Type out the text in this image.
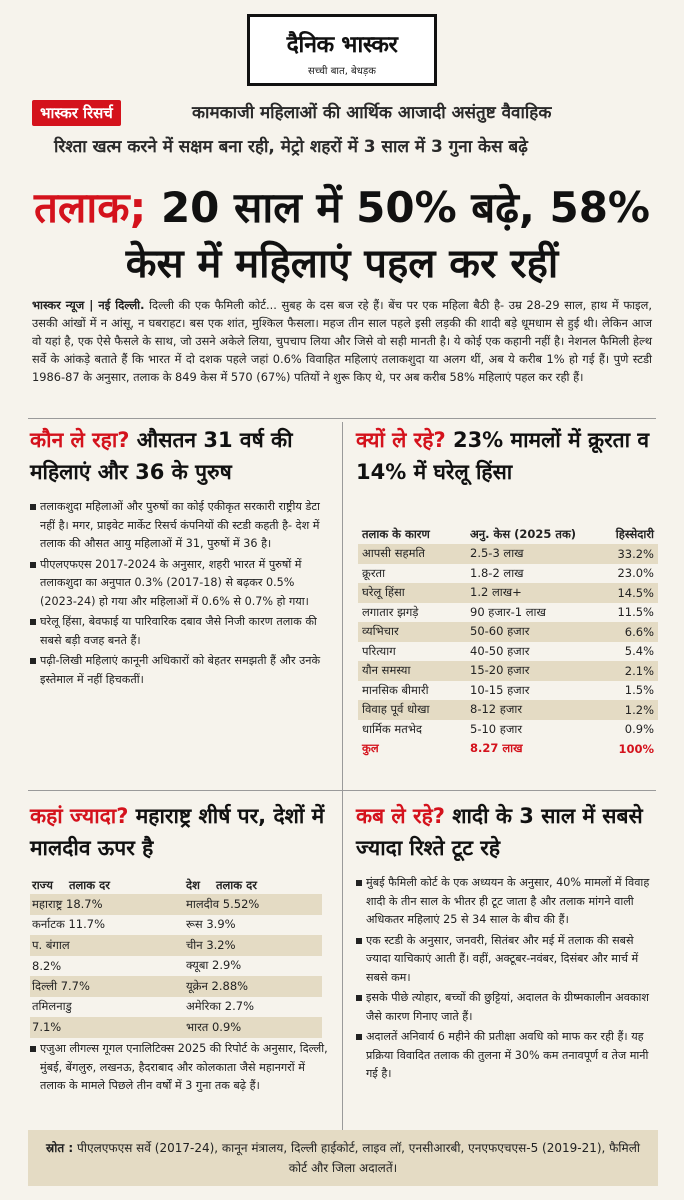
दैनिक भास्कर
सच्ची बात, बेधड़क
भास्कर रिसर्च	कामकाजी महिलाओं की आर्थिक आजादी असंतुष्ट वैवाहिक
रिश्ता खत्म करने में सक्षम बना रही, मेट्रो शहरों में 3 साल में 3 गुना केस बढ़े
तलाक; 20 साल में 50% बढ़े, 58%
केस में महिलाएं पहल कर रहीं
भास्कर न्यूज | नई दिल्ली. दिल्ली की एक फैमिली कोर्ट... सुबह के दस बज रहे हैं। बेंच पर एक महिला बैठी है- उम्र 28-29 साल, हाथ में फाइल, उसकी आंखों में न आंसू, न घबराहट। बस एक शांत, मुश्किल फैसला। महज तीन साल पहले इसी लड़की की शादी बड़े धूमधाम से हुई थी। लेकिन आज वो यहां है, एक ऐसे फैसले के साथ, जो उसने अकेले लिया, चुपचाप लिया और जिसे वो सही मानती है। ये कोई एक कहानी नहीं है। नेशनल फैमिली हेल्थ सर्वे के आंकड़े बताते हैं कि भारत में दो दशक पहले जहां 0.6% विवाहित महिलाएं तलाकशुदा या अलग थीं, अब ये करीब 1% हो गई हैं। पुणे स्टडी 1986-87 के अनुसार, तलाक के 849 केस में 570 (67%) पतियों ने शुरू किए थे, पर अब करीब 58% महिलाएं पहल कर रही हैं।
कौन ले रहा? औसतन 31 वर्ष की महिलाएं और 36 के पुरुष
तलाकशुदा महिलाओं और पुरुषों का कोई एकीकृत सरकारी राष्ट्रीय डेटा नहीं है। मगर, प्राइवेट मार्केट रिसर्च कंपनियों की स्टडी कहती है- देश में तलाक की औसत आयु महिलाओं में 31, पुरुषों में 36 है।
पीएलएफएस 2017-2024 के अनुसार, शहरी भारत में पुरुषों में तलाकशुदा का अनुपात 0.3% (2017-18) से बढ़कर 0.5% (2023-24) हो गया और महिलाओं में 0.6% से 0.7% हो गया।
घरेलू हिंसा, बेवफाई या पारिवारिक दबाव जैसे निजी कारण तलाक की सबसे बड़ी वजह बनते हैं।
पढ़ी-लिखी महिलाएं कानूनी अधिकारों को बेहतर समझती हैं और उनके इस्तेमाल में नहीं हिचकतीं।
क्यों ले रहे? 23% मामलों में क्रूरता व 14% में घरेलू हिंसा
तलाक के कारण	अनु. केस (2025 तक)	हिस्सेदारी
आपसी सहमति	2.5-3 लाख	33.2%
क्रूरता	1.8-2 लाख	23.0%
घरेलू हिंसा	1.2 लाख+	14.5%
लगातार झगड़े	90 हजार-1 लाख	11.5%
व्यभिचार	50-60 हजार	6.6%
परित्याग	40-50 हजार	5.4%
यौन समस्या	15-20 हजार	2.1%
मानसिक बीमारी	10-15 हजार	1.5%
विवाह पूर्व धोखा	8-12 हजार	1.2%
धार्मिक मतभेद	5-10 हजार	0.9%
कुल	8.27 लाख	100%
कहां ज्यादा? महाराष्ट्र शीर्ष पर, देशों में मालदीव ऊपर है
राज्य तलाक दर	देश तलाक दर
महाराष्ट्र 18.7%	मालदीव 5.52%
कर्नाटक 11.7%	रूस 3.9%
प. बंगाल	चीन 3.2%
8.2%	क्यूबा 2.9%
दिल्ली 7.7%	यूक्रेन 2.88%
तमिलनाडु	अमेरिका 2.7%
7.1%	भारत 0.9%
एजुआ लीगल्स गूगल एनालिटिक्स 2025 की रिपोर्ट के अनुसार, दिल्ली, मुंबई, बेंगलुरु, लखनऊ, हैदराबाद और कोलकाता जैसे महानगरों में तलाक के मामले पिछले तीन वर्षों में 3 गुना तक बढ़े हैं।
कब ले रहे? शादी के 3 साल में सबसे ज्यादा रिश्ते टूट रहे
मुंबई फैमिली कोर्ट के एक अध्ययन के अनुसार, 40% मामलों में विवाह शादी के तीन साल के भीतर ही टूट जाता है और तलाक मांगने वाली अधिकतर महिलाएं 25 से 34 साल के बीच की हैं।
एक स्टडी के अनुसार, जनवरी, सितंबर और मई में तलाक की सबसे ज्यादा याचिकाएं आती हैं। वहीं, अक्टूबर-नवंबर, दिसंबर और मार्च में सबसे कम।
इसके पीछे त्योहार, बच्चों की छुट्टियां, अदालत के ग्रीष्मकालीन अवकाश जैसे कारण गिनाए जाते हैं।
अदालतें अनिवार्य 6 महीने की प्रतीक्षा अवधि को माफ कर रही हैं। यह प्रक्रिया विवादित तलाक की तुलना में 30% कम तनावपूर्ण व तेज मानी गई है।
स्रोत : पीएलएफएस सर्वे (2017-24), कानून मंत्रालय, दिल्ली हाईकोर्ट, लाइव लॉ, एनसीआरबी, एनएफएचएस-5 (2019-21), फैमिली कोर्ट और जिला अदालतें।
